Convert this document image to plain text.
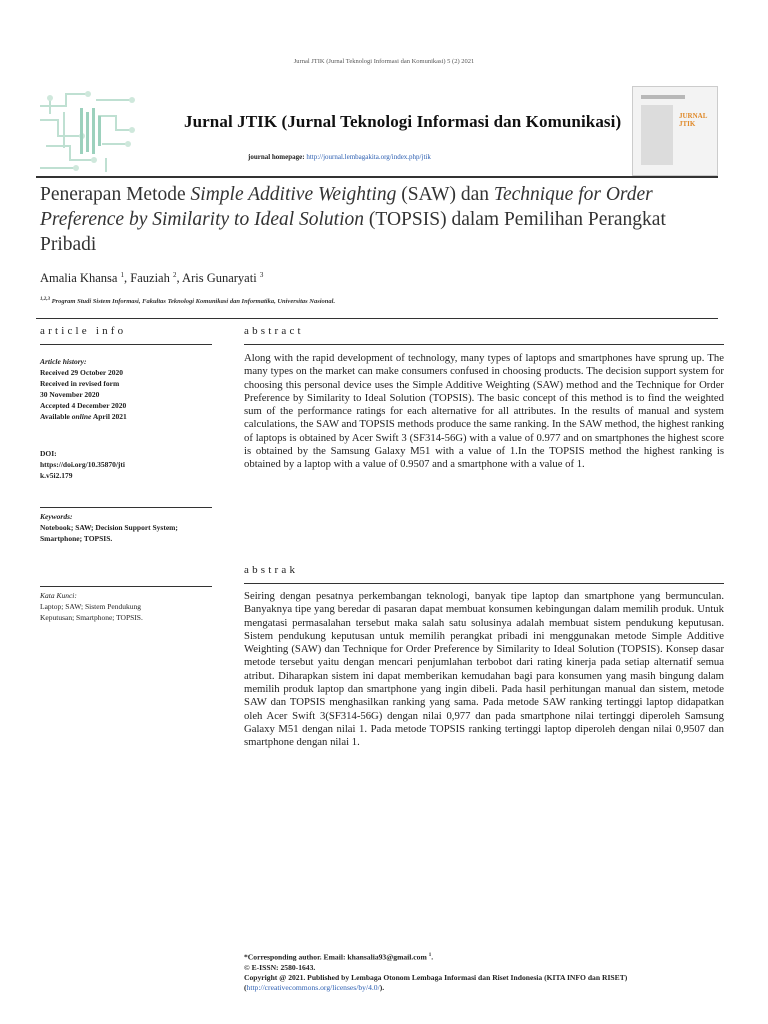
Jurnal JTIK (Jurnal Teknologi Informasi dan Komunikasi) 5 (2) 2021
Jurnal JTIK (Jurnal Teknologi Informasi dan Komunikasi)
journal homepage: http://journal.lembagakita.org/index.php/jtik
JURNAL JTIK
Penerapan Metode Simple Additive Weighting (SAW) dan Technique for Order Preference by Similarity to Ideal Solution (TOPSIS) dalam Pemilihan Perangkat Pribadi
Amalia Khansa $^1$, Fauziah $^2$, Aris Gunaryati $^3$
$^{1,2,3}$ Program Studi Sistem Informasi, Fakultas Teknologi Komunikasi dan Informatika, Universitas Nasional.
article info	abstract
Article history:
Received 29 October 2020
Received in revised form
30 November 2020
Accepted 4 December 2020
Available online April 2021
DOI:
https://doi.org/10.35870/jti
k.v5i2.179
Keywords:
Notebook; SAW; Decision Support System; Smartphone; TOPSIS.
Kata Kunci:
Laptop; SAW; Sistem Pendukung Keputusan; Smartphone; TOPSIS.
Along with the rapid development of technology, many types of laptops and smartphones have sprung up. The many types on the market can make consumers confused in choosing products. The decision support system for choosing this personal device uses the Simple Additive Weighting (SAW) method and the Technique for Order Preference by Similarity to Ideal Solution (TOPSIS). The basic concept of this method is to find the weighted sum of the performance ratings for each alternative for all attributes. In the results of manual and system calculations, the SAW and TOPSIS methods produce the same ranking. In the SAW method, the highest ranking of laptops is obtained by Acer Swift 3 (SF314-56G) with a value of 0.977 and on smartphones the highest score is obtained by the Samsung Galaxy M51 with a value of 1.In the TOPSIS method the highest ranking is obtained by a laptop with a value of 0.9507 and a smartphone with a value of 1.
abstrak
Seiring dengan pesatnya perkembangan teknologi, banyak tipe laptop dan smartphone yang bermunculan. Banyaknya tipe yang beredar di pasaran dapat membuat konsumen kebingungan dalam memilih produk. Untuk mengatasi permasalahan tersebut maka salah satu solusinya adalah membuat sistem pendukung keputusan. Sistem pendukung keputusan untuk memilih perangkat pribadi ini menggunakan metode Simple Additive Weighting (SAW) dan Technique for Order Preference by Similarity to Ideal Solution (TOPSIS). Konsep dasar metode tersebut yaitu dengan mencari penjumlahan terbobot dari rating kinerja pada setiap alternatif semua atribut. Diharapkan sistem ini dapat memberikan kemudahan bagi para konsumen yang masih bingung dalam memilih produk laptop dan smartphone yang ingin dibeli. Pada hasil perhitungan manual dan sistem, metode SAW dan TOPSIS menghasilkan ranking yang sama. Pada metode SAW ranking tertinggi laptop didapatkan oleh Acer Swift 3(SF314-56G) dengan nilai 0,977 dan pada smartphone nilai tertinggi diperoleh Samsung Galaxy M51 dengan nilai 1. Pada metode TOPSIS ranking tertinggi laptop diperoleh dengan nilai 0,9507 dan smartphone dengan nilai 1.
*Corresponding author. Email: khansalia93@gmail.com $^1$.
© E-ISSN: 2580-1643.
Copyright @ 2021. Published by Lembaga Otonom Lembaga Informasi dan Riset Indonesia (KITA INFO dan RISET)
(http://creativecommons.org/licenses/by/4.0/).
